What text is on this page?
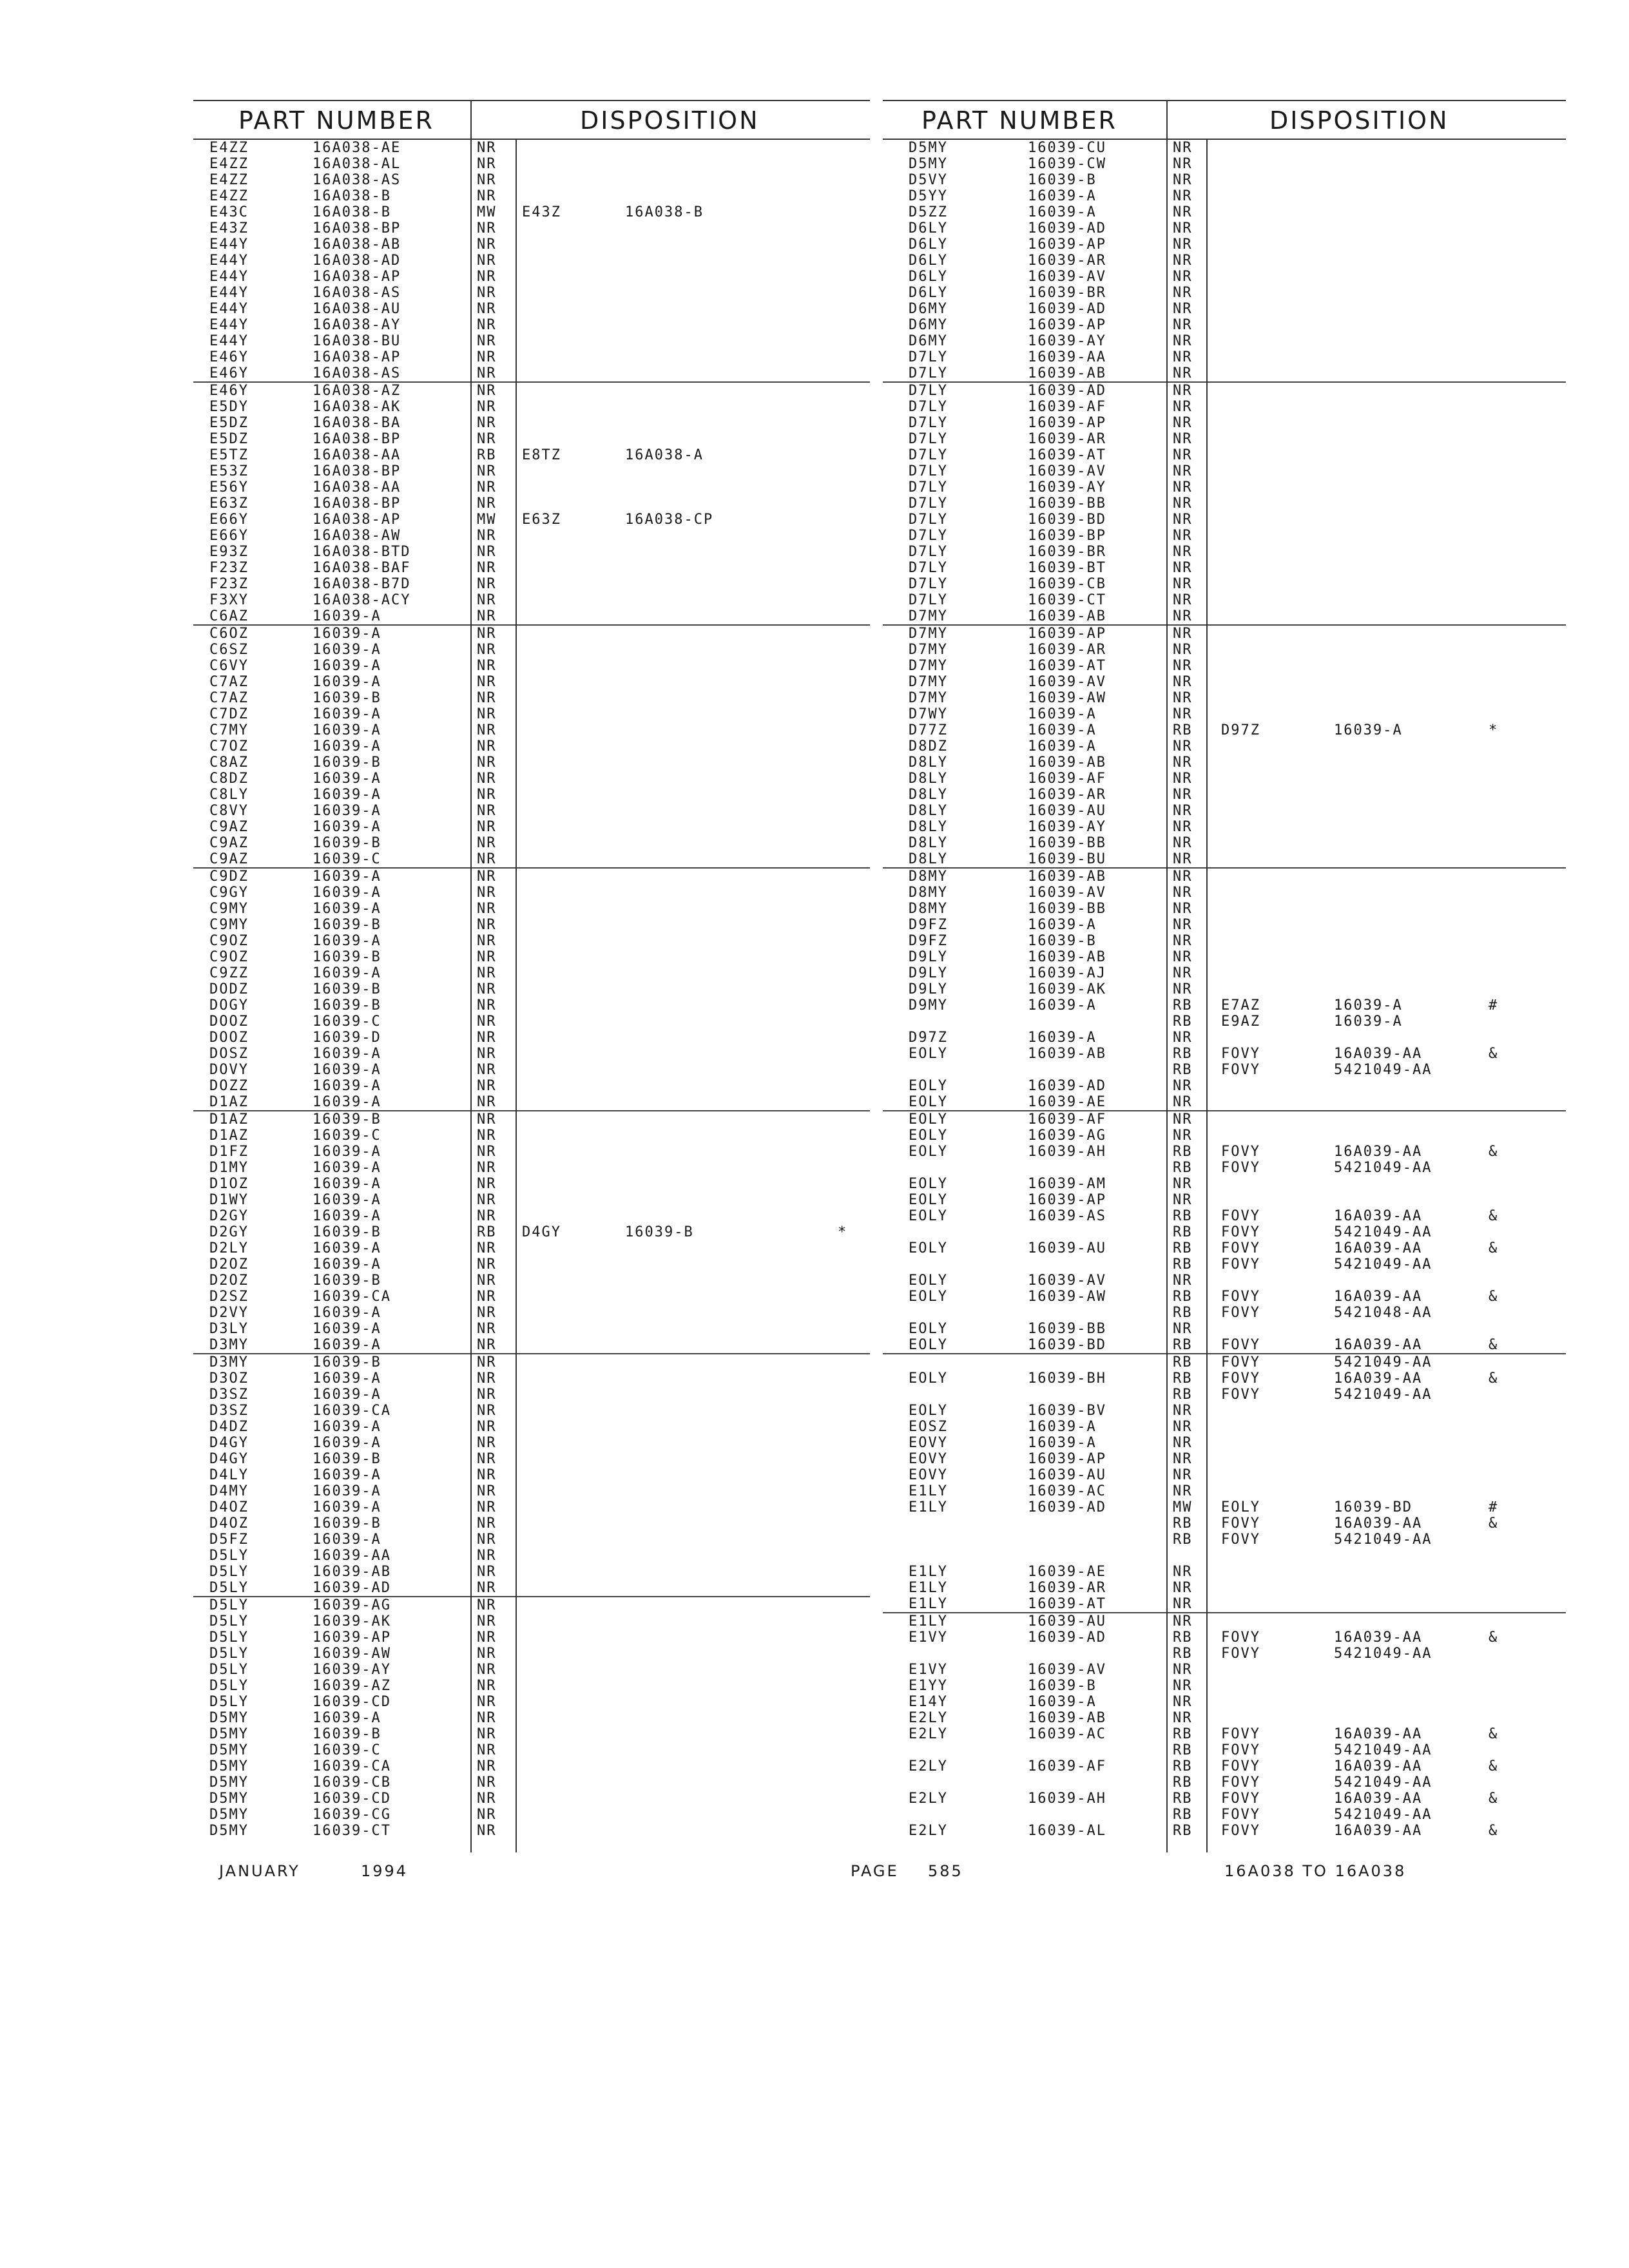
PART NUMBER	DISPOSITION
E4ZZ	16A038-AE	NR
E4ZZ	16A038-AL	NR
E4ZZ	16A038-AS	NR
E4ZZ	16A038-B	NR
E43C	16A038-B	MW E43Z	16A038-B
E43Z	16A038-BP	NR
E44Y	16A038-AB	NR
E44Y	16A038-AD	NR
E44Y	16A038-AP	NR
E44Y	16A038-AS	NR
E44Y	16A038-AU	NR
E44Y	16A038-AY	NR
E44Y	16A038-BU	NR
E46Y	16A038-AP	NR
E46Y	16A038-AS	NR
E46Y	16A038-AZ	NR
E5DY	16A038-AK	NR
E5DZ	16A038-BA	NR
E5DZ	16A038-BP	NR
E5TZ	16A038-AA	RB E8TZ	16A038-A
E53Z	16A038-BP	NR
E56Y	16A038-AA	NR
E63Z	16A038-BP	NR
E66Y	16A038-AP	MW E63Z	16A038-CP
E66Y	16A038-AW	NR
E93Z	16A038-BTD	NR
F23Z	16A038-BAF	NR
F23Z	16A038-B7D	NR
F3XY	16A038-ACY	NR
C6AZ	16039-A	NR
C6OZ	16039-A	NR
C6SZ	16039-A	NR
C6VY	16039-A	NR
C7AZ	16039-A	NR
C7AZ	16039-B	NR
C7DZ	16039-A	NR
C7MY	16039-A	NR
C7OZ	16039-A	NR
C8AZ	16039-B	NR
C8DZ	16039-A	NR
C8LY	16039-A	NR
C8VY	16039-A	NR
C9AZ	16039-A	NR
C9AZ	16039-B	NR
C9AZ	16039-C	NR
C9DZ	16039-A	NR
C9GY	16039-A	NR
C9MY	16039-A	NR
C9MY	16039-B	NR
C9OZ	16039-A	NR
C9OZ	16039-B	NR
C9ZZ	16039-A	NR
DODZ	16039-B	NR
DOGY	16039-B	NR
DOOZ	16039-C	NR
DOOZ	16039-D	NR
DOSZ	16039-A	NR
DOVY	16039-A	NR
DOZZ	16039-A	NR
D1AZ	16039-A	NR
D1AZ	16039-B	NR
D1AZ	16039-C	NR
D1FZ	16039-A	NR
D1MY	16039-A	NR
D1OZ	16039-A	NR
D1WY	16039-A	NR
D2GY	16039-A	NR
D2GY	16039-B	RB D4GY	16039-B	*
D2LY	16039-A	NR
D2OZ	16039-A	NR
D2OZ	16039-B	NR
D2SZ	16039-CA	NR
D2VY	16039-A	NR
D3LY	16039-A	NR
D3MY	16039-A	NR
D3MY	16039-B	NR
D3OZ	16039-A	NR
D3SZ	16039-A	NR
D3SZ	16039-CA	NR
D4DZ	16039-A	NR
D4GY	16039-A	NR
D4GY	16039-B	NR
D4LY	16039-A	NR
D4MY	16039-A	NR
D4OZ	16039-A	NR
D4OZ	16039-B	NR
D5FZ	16039-A	NR
D5LY	16039-AA	NR
D5LY	16039-AB	NR
D5LY	16039-AD	NR
D5LY	16039-AG	NR
D5LY	16039-AK	NR
D5LY	16039-AP	NR
D5LY	16039-AW	NR
D5LY	16039-AY	NR
D5LY	16039-AZ	NR
D5LY	16039-CD	NR
D5MY	16039-A	NR
D5MY	16039-B	NR
D5MY	16039-C	NR
D5MY	16039-CA	NR
D5MY	16039-CB	NR
D5MY	16039-CD	NR
D5MY	16039-CG	NR
D5MY	16039-CT	NR
PART NUMBER	DISPOSITION
D5MY	16039-CU	NR
D5MY	16039-CW	NR
D5VY	16039-B	NR
D5YY	16039-A	NR
D5ZZ	16039-A	NR
D6LY	16039-AD	NR
D6LY	16039-AP	NR
D6LY	16039-AR	NR
D6LY	16039-AV	NR
D6LY	16039-BR	NR
D6MY	16039-AD	NR
D6MY	16039-AP	NR
D6MY	16039-AY	NR
D7LY	16039-AA	NR
D7LY	16039-AB	NR
D7LY	16039-AD	NR
D7LY	16039-AF	NR
D7LY	16039-AP	NR
D7LY	16039-AR	NR
D7LY	16039-AT	NR
D7LY	16039-AV	NR
D7LY	16039-AY	NR
D7LY	16039-BB	NR
D7LY	16039-BD	NR
D7LY	16039-BP	NR
D7LY	16039-BR	NR
D7LY	16039-BT	NR
D7LY	16039-CB	NR
D7LY	16039-CT	NR
D7MY	16039-AB	NR
D7MY	16039-AP	NR
D7MY	16039-AR	NR
D7MY	16039-AT	NR
D7MY	16039-AV	NR
D7MY	16039-AW	NR
D7WY	16039-A	NR
D77Z	16039-A	RB D97Z	16039-A	*
D8DZ	16039-A	NR
D8LY	16039-AB	NR
D8LY	16039-AF	NR
D8LY	16039-AR	NR
D8LY	16039-AU	NR
D8LY	16039-AY	NR
D8LY	16039-BB	NR
D8LY	16039-BU	NR
D8MY	16039-AB	NR
D8MY	16039-AV	NR
D8MY	16039-BB	NR
D9FZ	16039-A	NR
D9FZ	16039-B	NR
D9LY	16039-AB	NR
D9LY	16039-AJ	NR
D9LY	16039-AK	NR
D9MY	16039-A	RB E7AZ	16039-A	#
RB E9AZ	16039-A
D97Z	16039-A	NR
EOLY	16039-AB	RB FOVY	16A039-AA	&
RB FOVY	5421049-AA
EOLY	16039-AD	NR
EOLY	16039-AE	NR
EOLY	16039-AF	NR
EOLY	16039-AG	NR
EOLY	16039-AH	RB FOVY	16A039-AA	&
RB FOVY	5421049-AA
EOLY	16039-AM	NR
EOLY	16039-AP	NR
EOLY	16039-AS	RB FOVY	16A039-AA	&
RB FOVY	5421049-AA
EOLY	16039-AU	RB FOVY	16A039-AA	&
RB FOVY	5421049-AA
EOLY	16039-AV	NR
EOLY	16039-AW	RB FOVY	16A039-AA	&
RB FOVY	5421048-AA
EOLY	16039-BB	NR
EOLY	16039-BD	RB FOVY	16A039-AA	&
RB FOVY	5421049-AA
EOLY	16039-BH	RB FOVY	16A039-AA	&
RB FOVY	5421049-AA
EOLY	16039-BV	NR
EOSZ	16039-A	NR
EOVY	16039-A	NR
EOVY	16039-AP	NR
EOVY	16039-AU	NR
E1LY	16039-AC	NR
E1LY	16039-AD	MW EOLY	16039-BD	#
RB FOVY	16A039-AA	&
RB FOVY	5421049-AA
E1LY	16039-AE	NR
E1LY	16039-AR	NR
E1LY	16039-AT	NR
E1LY	16039-AU	NR
E1VY	16039-AD	RB FOVY	16A039-AA	&
RB FOVY	5421049-AA
E1VY	16039-AV	NR
E1YY	16039-B	NR
E14Y	16039-A	NR
E2LY	16039-AB	NR
E2LY	16039-AC	RB FOVY	16A039-AA	&
RB FOVY	5421049-AA
E2LY	16039-AF	RB FOVY	16A039-AA	&
RB FOVY	5421049-AA
E2LY	16039-AH	RB FOVY	16A039-AA	&
RB FOVY	5421049-AA
E2LY	16039-AL	RB FOVY	16A039-AA	&
JANUARY	1994	PAGE 585	16A038 TO 16A038
